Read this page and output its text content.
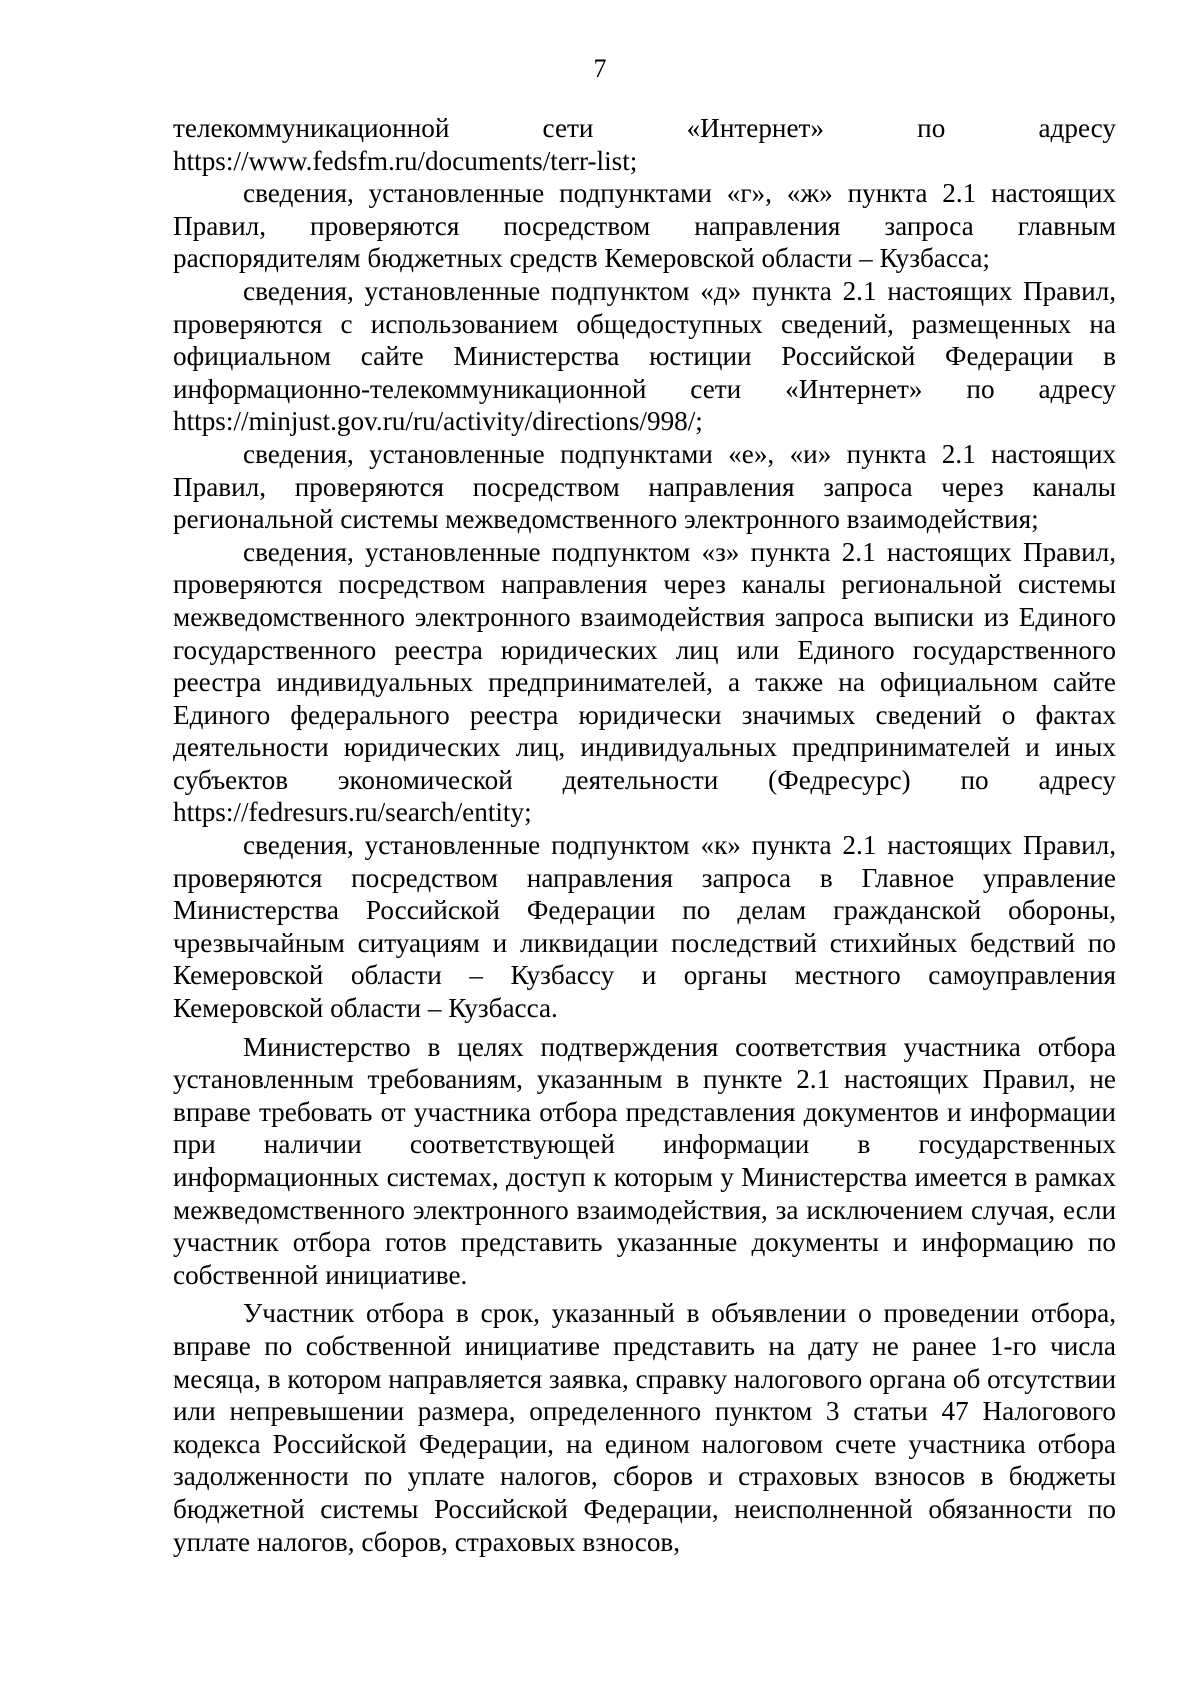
7

телекоммуникационной сети «Интернет» по адресу https://www.fedsfm.ru/documents/terr-list;

сведения, установленные подпунктами «г», «ж» пункта 2.1 настоящих Правил, проверяются посредством направления запроса главным распорядителям бюджетных средств Кемеровской области – Кузбасса;

сведения, установленные подпунктом «д» пункта 2.1 настоящих Правил, проверяются с использованием общедоступных сведений, размещенных на официальном сайте Министерства юстиции Российской Федерации в информационно-телекоммуникационной сети «Интернет» по адресу https://minjust.gov.ru/ru/activity/directions/998/;

сведения, установленные подпунктами «е», «и» пункта 2.1 настоящих Правил, проверяются посредством направления запроса через каналы региональной системы межведомственного электронного взаимодействия;

сведения, установленные подпунктом «з» пункта 2.1 настоящих Правил, проверяются посредством направления через каналы региональной системы межведомственного электронного взаимодействия запроса выписки из Единого государственного реестра юридических лиц или Единого государственного реестра индивидуальных предпринимателей, а также на официальном сайте Единого федерального реестра юридически значимых сведений о фактах деятельности юридических лиц, индивидуальных предпринимателей и иных субъектов экономической деятельности (Федресурс) по адресу https://fedresurs.ru/search/entity;

сведения, установленные подпунктом «к» пункта 2.1 настоящих Правил, проверяются посредством направления запроса в Главное управление Министерства Российской Федерации по делам гражданской обороны, чрезвычайным ситуациям и ликвидации последствий стихийных бедствий по Кемеровской области – Кузбассу и органы местного самоуправления Кемеровской области – Кузбасса.

Министерство в целях подтверждения соответствия участника отбора установленным требованиям, указанным в пункте 2.1 настоящих Правил, не вправе требовать от участника отбора представления документов и информации при наличии соответствующей информации в государственных информационных системах, доступ к которым у Министерства имеется в рамках межведомственного электронного взаимодействия, за исключением случая, если участник отбора готов представить указанные документы и информацию по собственной инициативе.

Участник отбора в срок, указанный в объявлении о проведении отбора, вправе по собственной инициативе представить на дату не ранее 1-го числа месяца, в котором направляется заявка, справку налогового органа об отсутствии или непревышении размера, определенного пунктом 3 статьи 47 Налогового кодекса Российской Федерации, на едином налоговом счете участника отбора задолженности по уплате налогов, сборов и страховых взносов в бюджеты бюджетной системы Российской Федерации, неисполненной обязанности по уплате налогов, сборов, страховых взносов,
